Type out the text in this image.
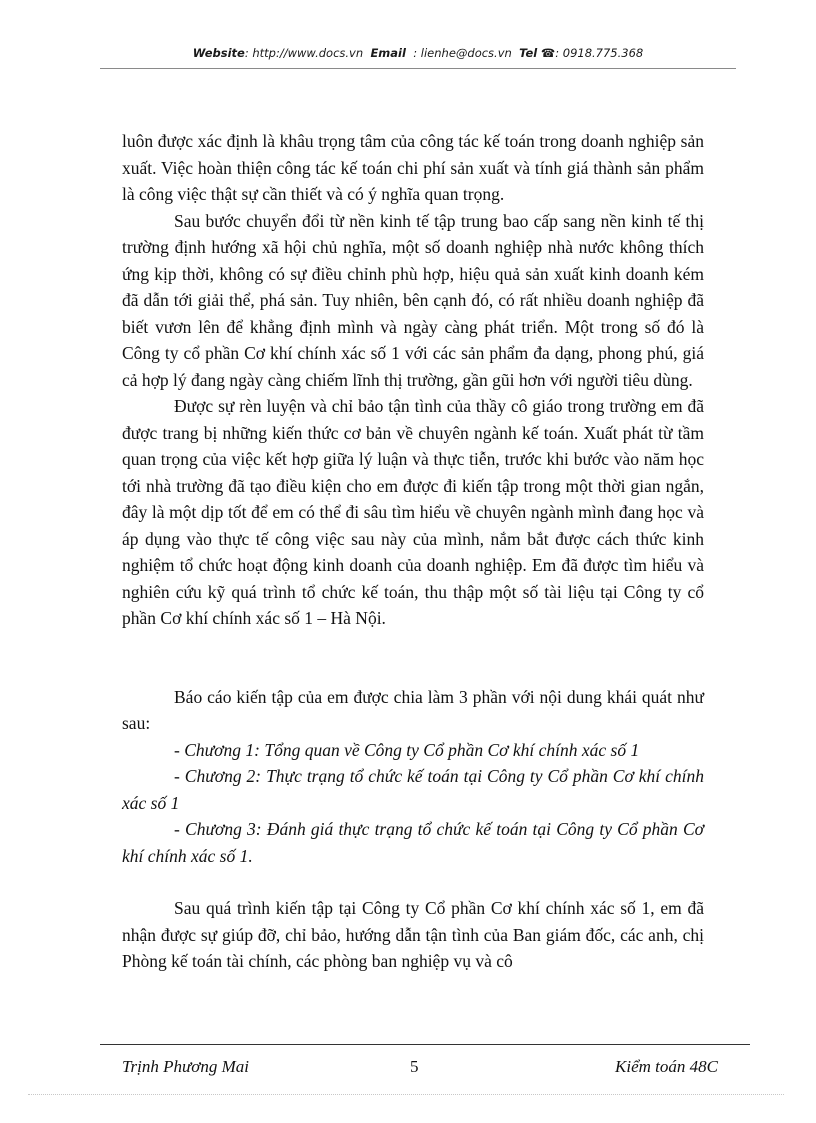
Website: http://www.docs.vn Email : lienhe@docs.vn Tel ☎: 0918.775.368

luôn được xác định là khâu trọng tâm của công tác kế toán trong doanh nghiệp sản xuất. Việc hoàn thiện công tác kế toán chi phí sản xuất và tính giá thành sản phẩm là công việc thật sự cần thiết và có ý nghĩa quan trọng.

Sau bước chuyển đổi từ nền kinh tế tập trung bao cấp sang nền kinh tế thị trường định hướng xã hội chủ nghĩa, một số doanh nghiệp nhà nước không thích ứng kịp thời, không có sự điều chỉnh phù hợp, hiệu quả sản xuất kinh doanh kém đã dẫn tới giải thể, phá sản. Tuy nhiên, bên cạnh đó, có rất nhiều doanh nghiệp đã biết vươn lên để khẳng định mình và ngày càng phát triển. Một trong số đó là Công ty cổ phần Cơ khí chính xác số 1 với các sản phẩm đa dạng, phong phú, giá cả hợp lý đang ngày càng chiếm lĩnh thị trường, gần gũi hơn với người tiêu dùng.

Được sự rèn luyện và chỉ bảo tận tình của thầy cô giáo trong trường em đã được trang bị những kiến thức cơ bản về chuyên ngành kế toán. Xuất phát từ tầm quan trọng của việc kết hợp giữa lý luận và thực tiễn, trước khi bước vào năm học tới nhà trường đã tạo điều kiện cho em được đi kiến tập trong một thời gian ngắn, đây là một dịp tốt để em có thể đi sâu tìm hiểu về chuyên ngành mình đang học và áp dụng vào thực tế công việc sau này của mình, nắm bắt được cách thức kinh nghiệm tổ chức hoạt động kinh doanh của doanh nghiệp. Em đã được tìm hiểu và nghiên cứu kỹ quá trình tổ chức kế toán, thu thập một số tài liệu tại Công ty cổ phần Cơ khí chính xác số 1 – Hà Nội.

Báo cáo kiến tập của em được chia làm 3 phần với nội dung khái quát như sau:

- Chương 1: Tổng quan về Công ty Cổ phần Cơ khí chính xác số 1

- Chương 2: Thực trạng tổ chức kế toán tại Công ty Cổ phần Cơ khí chính xác số 1

- Chương 3: Đánh giá thực trạng tổ chức kế toán tại Công ty Cổ phần Cơ khí chính xác số 1.

Sau quá trình kiến tập tại Công ty Cổ phần Cơ khí chính xác số 1, em đã nhận được sự giúp đỡ, chỉ bảo, hướng dẫn tận tình của Ban giám đốc, các anh, chị Phòng kế toán tài chính, các phòng ban nghiệp vụ và cô

Trịnh Phương Mai	5	Kiểm toán 48C
